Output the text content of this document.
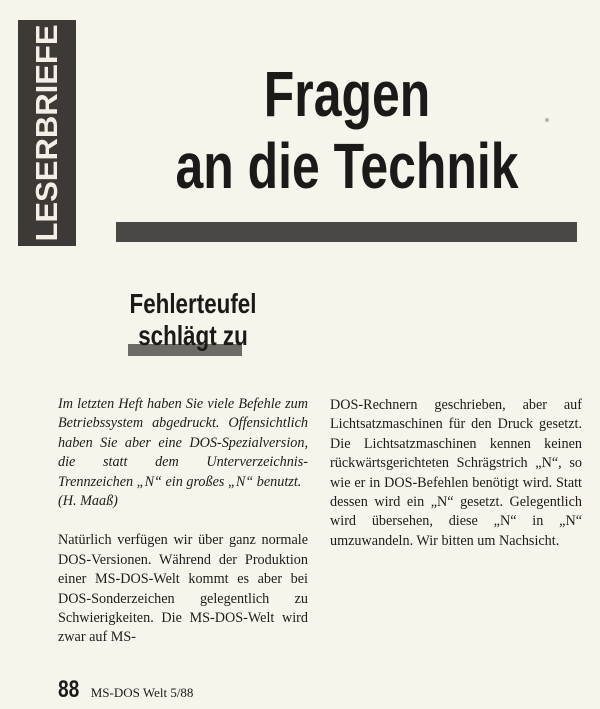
LESERBRIEFE	Fragen
an die Technik
Fehlerteufel
schlägt zu

Im letzten Heft haben Sie viele Befehle zum Betriebssystem abgedruckt. Offensichtlich haben Sie aber eine DOS-Spezialversion, die statt dem Unterverzeichnis-Trennzeichen „N“ ein großes „N“ benutzt.

(H. Maaß)

Natürlich verfügen wir über ganz normale DOS-Versionen. Während der Produktion einer MS-DOS-Welt kommt es aber bei DOS-Sonderzeichen gelegentlich zu Schwierigkeiten. Die MS-DOS-Welt wird zwar auf MS-

DOS-Rechnern geschrieben, aber auf Lichtsatzmaschinen für den Druck gesetzt. Die Lichtsatzmaschinen kennen keinen rückwärtsgerichteten Schrägstrich „N“, so wie er in DOS-Befehlen benötigt wird. Statt dessen wird ein „N“ gesetzt. Gelegentlich wird übersehen, diese „N“ in „N“ umzuwandeln. Wir bitten um Nachsicht.

88 MS-DOS Welt 5/88
